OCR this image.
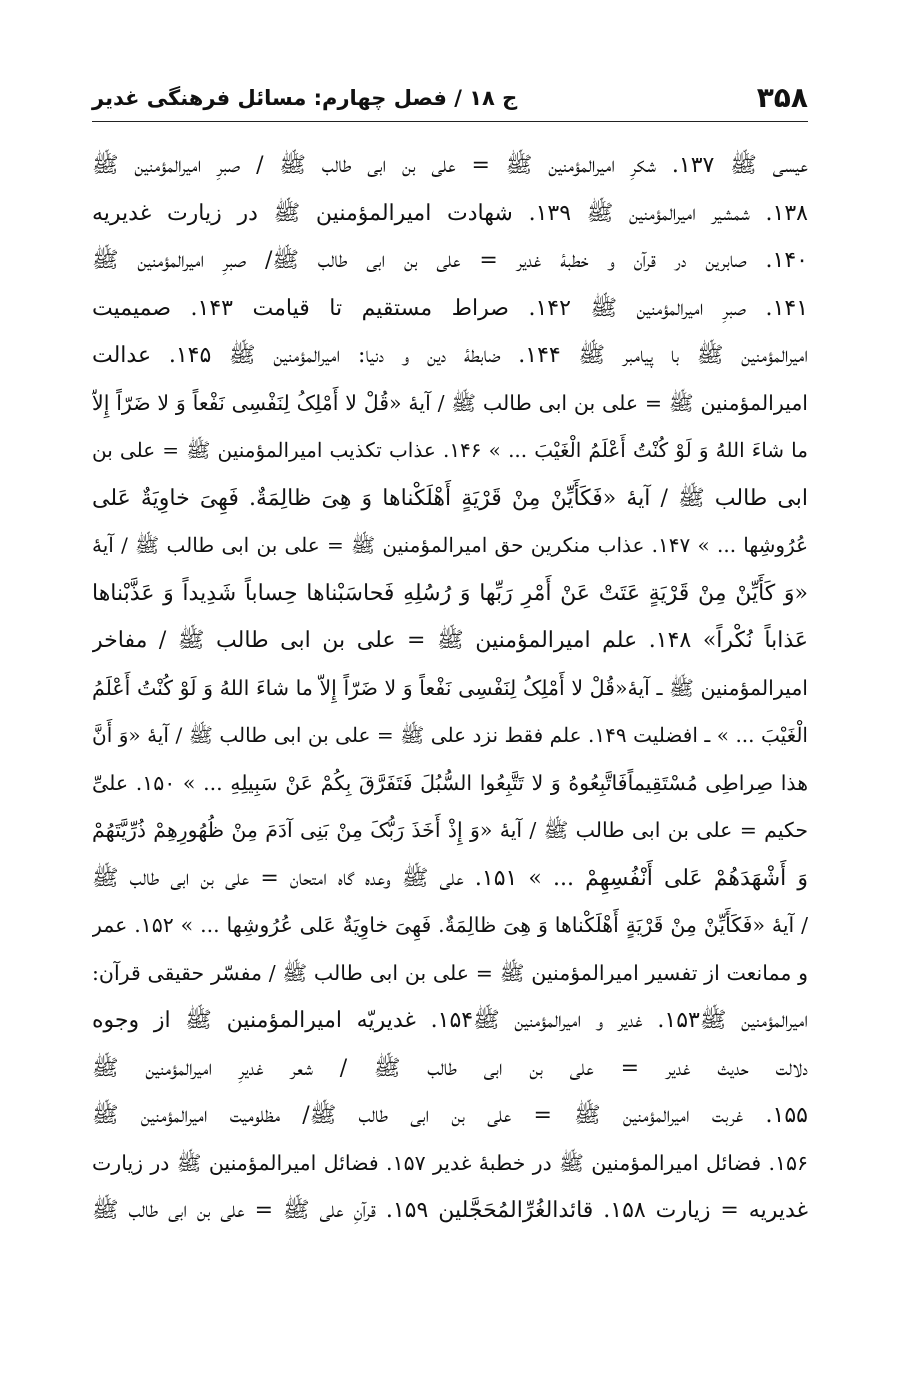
۳۵۸
ج ۱۸ / فصل چهارم: مسائل فرهنگی غدیر
عیسی ﷺ ۱۳۷. شکرِ امیرالمؤمنین ﷺ = علی بن ابی طالب ﷺ / صبرِ امیرالمؤمنین ﷺ
۱۳۸. شمشیر امیرالمؤمنین ﷺ ۱۳۹. شهادت امیرالمؤمنین ﷺ در زیارت غدیریه
۱۴۰. صابرین در قرآن و خطبهٔ غدیر = علی بن ابی طالب ﷺ/ صبرِ امیرالمؤمنین ﷺ
۱۴۱. صبرِ امیرالمؤمنین ﷺ ۱۴۲. صراط مستقیم تا قیامت ۱۴۳. صمیمیت
امیرالمؤمنین ﷺ با پیامبر ﷺ ۱۴۴. ضابطهٔ دین و دنیا: امیرالمؤمنین ﷺ ۱۴۵. عدالت
امیرالمؤمنین ﷺ = علی بن ابی طالب ﷺ / آیهٔ «قُلْ لا أَمْلِکُ لِنَفْسِی نَفْعاً وَ لا ضَرّاً إِلاّ
ما شاءَ اللهُ وَ لَوْ کُنْتُ أَعْلَمُ الْغَیْبَ ... » ۱۴۶. عذاب تکذیب امیرالمؤمنین ﷺ = علی بن
ابی طالب ﷺ / آیهٔ «فَکَأَیِّنْ مِنْ قَرْیَةٍ أَهْلَکْناها وَ هِیَ ظالِمَةٌ. فَهِیَ خاوِیَةٌ عَلی
عُرُوشِها ... » ۱۴۷. عذاب منکرین حق امیرالمؤمنین ﷺ = علی بن ابی طالب ﷺ / آیهٔ
«وَ کَأَیِّنْ مِنْ قَرْیَةٍ عَتَتْ عَنْ أَمْرِ رَبِّها وَ رُسُلِهِ فَحاسَبْناها حِساباً شَدِیداً وَ عَذَّبْناها
عَذاباً نُکْراً» ۱۴۸. علم امیرالمؤمنین ﷺ = علی بن ابی طالب ﷺ / مفاخر
امیرالمؤمنین ﷺ ـ آیهٔ«قُلْ لا أَمْلِکُ لِنَفْسِی نَفْعاً وَ لا ضَرّاً إِلاّ ما شاءَ اللهُ وَ لَوْ کُنْتُ أَعْلَمُ
الْغَیْبَ ... » ـ افضلیت ۱۴۹. علم فقط نزد علی ﷺ = علی بن ابی طالب ﷺ / آیهٔ «وَ أَنَّ
هذا صِراطِی مُسْتَقِیماًفَاتَّبِعُوهُ وَ لا تَتَّبِعُوا السُّبُلَ فَتَفَرَّقَ بِکُمْ عَنْ سَبِیلِهِ ... » ۱۵۰. علیِّ
حکیم = علی بن ابی طالب ﷺ / آیهٔ «وَ إِذْ أَخَذَ رَبُّکَ مِنْ بَنِی آدَمَ مِنْ ظُهُورِهِمْ ذُرِّیَّتَهُمْ
وَ أَشْهَدَهُمْ عَلی أَنْفُسِهِمْ ... » ۱۵۱. علی ﷺ وعده گاه امتحان = علی بن ابی طالب ﷺ
/ آیهٔ «فَکَأَیِّنْ مِنْ قَرْیَةٍ أَهْلَکْناها وَ هِیَ ظالِمَةٌ. فَهِیَ خاوِیَةٌ عَلی عُرُوشِها ... » ۱۵۲. عمر
و ممانعت از تفسیر امیرالمؤمنین ﷺ = علی بن ابی طالب ﷺ / مفسّر حقیقی قرآن:
امیرالمؤمنین ﷺ۱۵۳. غدیر و امیرالمؤمنین ﷺ۱۵۴. غدیریّه امیرالمؤمنین ﷺ از وجوه
دلالت حدیث غدیر = علی بن ابی طالب ﷺ / شعر غدیرِ امیرالمؤمنین ﷺ
۱۵۵. غربت امیرالمؤمنین ﷺ = علی بن ابی طالب ﷺ/ مظلومیت امیرالمؤمنین ﷺ
۱۵۶. فضائل امیرالمؤمنین ﷺ در خطبهٔ غدیر ۱۵۷. فضائل امیرالمؤمنین ﷺ در زیارت
غدیریه = زیارت ۱۵۸. قائدالغُرِّالمُحَجَّلین ۱۵۹. قرآنِ علی ﷺ = علی بن ابی طالب ﷺ
